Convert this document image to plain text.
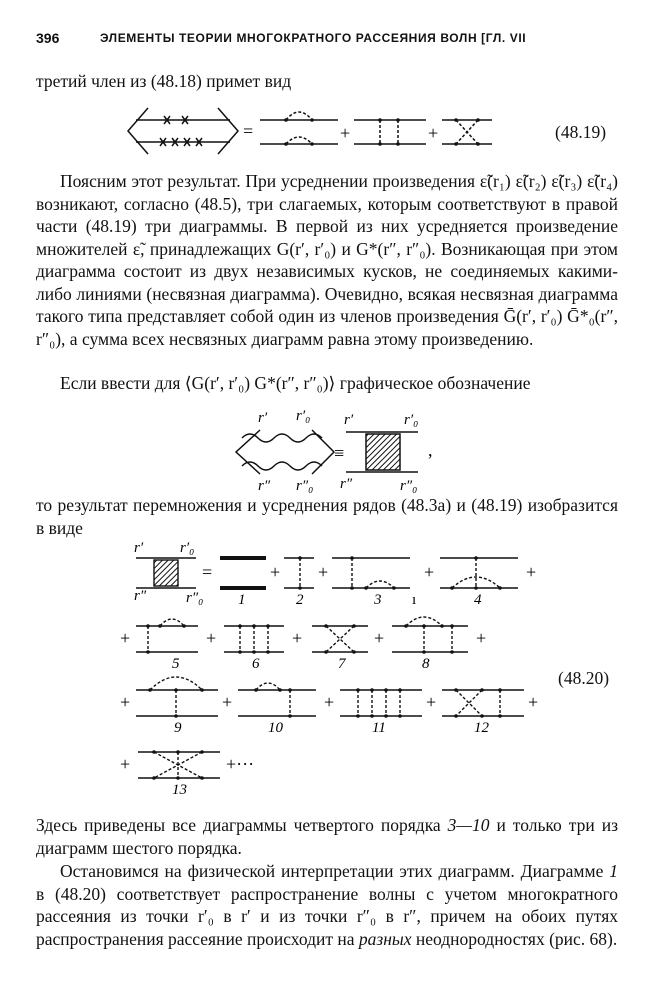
396	ЭЛЕМЕНТЫ ТЕОРИИ МНОГОКРАТНОГО РАССЕЯНИЯ ВОЛН [ГЛ. VII

третий член из (48.18) примет вид

=	+	+	(48.19)

Поясним этот результат. При усреднении произведения ε̃(r₁) ε̃(r₂) ε̃(r₃) ε̃(r₄) возникают, согласно (48.5), три слагаемых, которым соответствуют в правой части (48.19) три диаграммы. В первой из них усредняется произведение множителей ε̃, принадлежащих G(r′, r′₀) и G*(r″, r″₀). Возникающая при этом диаграмма состоит из двух независимых кусков, не соединяемых какими-либо линиями (несвязная диаграмма). Очевидно, всякая несвязная диаграмма такого типа представляет собой один из членов произведения Ḡ(r′, r′₀) Ḡ*₀(r″, r″₀), а сумма всех несвязных диаграмм равна этому произведению.

Если ввести для ⟨G(r′, r′₀) G*(r″, r″₀)⟩ графическое обозначение

r′ r′₀
r″ r″₀
r′	r′₀
r″	r″₀
≡	,

то результат перемножения и усреднения рядов (48.3а) и (48.19) изобразится в виде

r′ r′₀
r″	r″₀ 1	2	3 ı	4
5	6	7	8
9	10	11	12
13
=	+ +	+	+
+	+	+	+	+
+	+	+	+	+
+	+···
(48.20)

Здесь приведены все диаграммы четвертого порядка 3—10 и только три из диаграмм шестого порядка.

Остановимся на физической интерпретации этих диаграмм. Диаграмме 1 в (48.20) соответствует распространение волны с учетом многократного рассеяния из точки r′₀ в r′ и из точки r″₀ в r″, причем на обоих путях распространения рассеяние происходит на разных неоднородностях (рис. 68).
